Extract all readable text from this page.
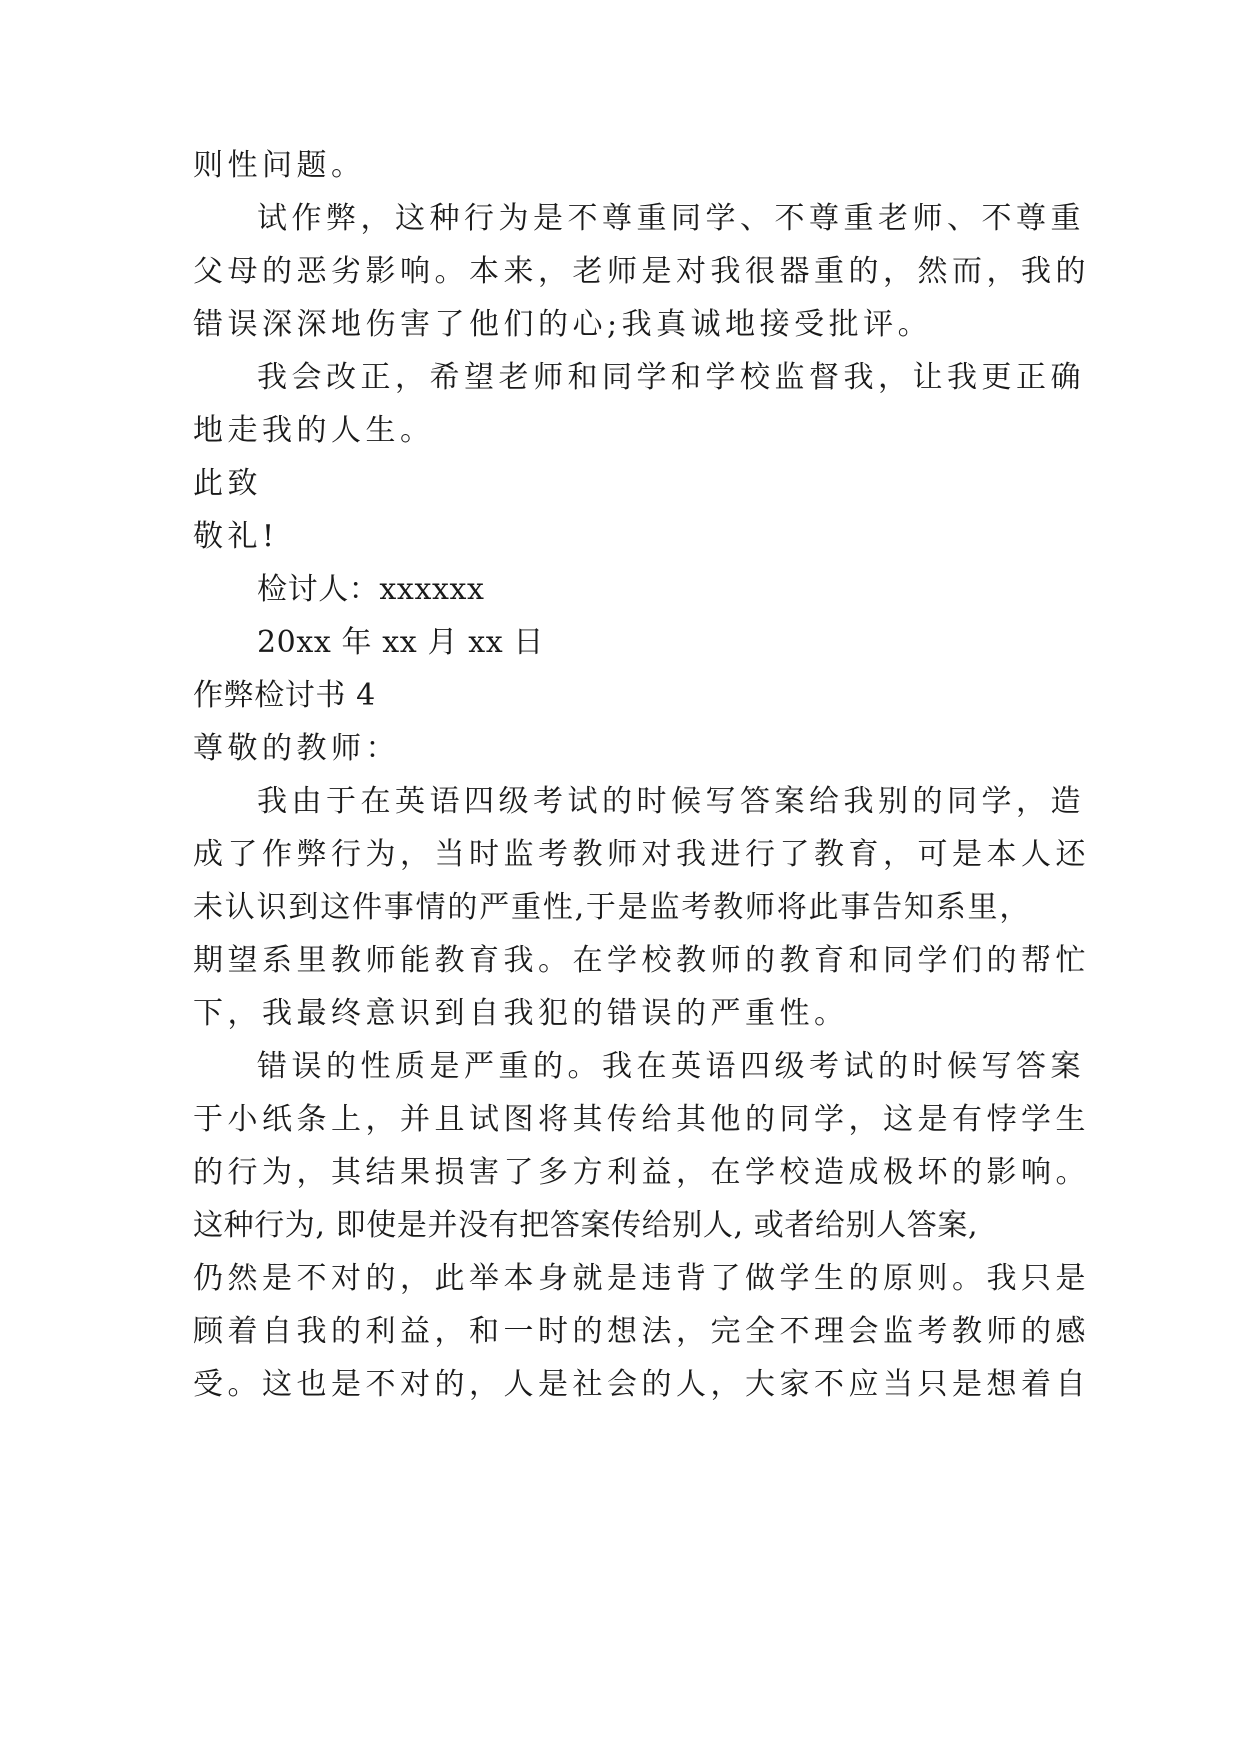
则性问题。
试作弊，这种行为是不尊重同学、不尊重老师、不尊重
父母的恶劣影响。本来，老师是对我很器重的，然而，我的
错误深深地伤害了他们的心;我真诚地接受批评。
我会改正，希望老师和同学和学校监督我，让我更正确
地走我的人生。
此致
敬礼!
检讨人：xxxxxx
20xx 年 xx 月 xx 日
作弊检讨书 4
尊敬的教师：
我由于在英语四级考试的时候写答案给我别的同学，造
成了作弊行为，当时监考教师对我进行了教育，可是本人还
未认识到这件事情的严重性,于是监考教师将此事告知系里，
期望系里教师能教育我。在学校教师的教育和同学们的帮忙
下，我最终意识到自我犯的错误的严重性。
错误的性质是严重的。我在英语四级考试的时候写答案
于小纸条上，并且试图将其传给其他的同学，这是有悖学生
的行为，其结果损害了多方利益，在学校造成极坏的影响。
这种行为, 即使是并没有把答案传给别人, 或者给别人答案,
仍然是不对的，此举本身就是违背了做学生的原则。我只是
顾着自我的利益，和一时的想法，完全不理会监考教师的感
受。这也是不对的，人是社会的人，大家不应当只是想着自
